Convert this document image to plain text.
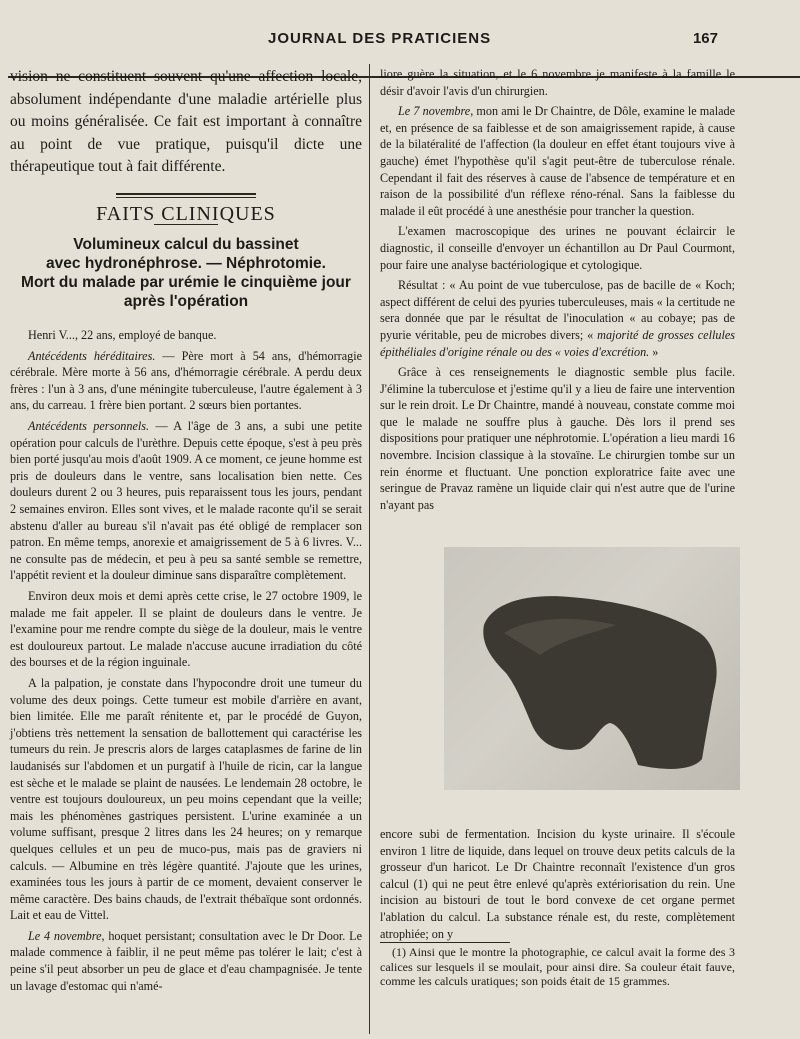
JOURNAL DES PRATICIENS	167

vision ne constituent souvent qu'une affection locale, absolument indépendante d'une maladie artérielle plus ou moins généralisée. Ce fait est important à connaître au point de vue pratique, puisqu'il dicte une thérapeutique tout à fait différente.

FAITS CLINIQUES
Volumineux calcul du bassinet
avec hydronéphrose. — Néphrotomie.
Mort du malade par urémie le cinquième jour
après l'opération

Henri V..., 22 ans, employé de banque.

Antécédents héréditaires. — Père mort à 54 ans, d'hémorragie cérébrale. Mère morte à 56 ans, d'hémorragie cérébrale. A perdu deux frères : l'un à 3 ans, d'une méningite tuberculeuse, l'autre également à 3 ans, du carreau. 1 frère bien portant. 2 sœurs bien portantes.

Antécédents personnels. — A l'âge de 3 ans, a subi une petite opération pour calculs de l'urèthre. Depuis cette époque, s'est à peu près bien porté jusqu'au mois d'août 1909. A ce moment, ce jeune homme est pris de douleurs dans le ventre, sans localisation bien nette. Ces douleurs durent 2 ou 3 heures, puis reparaissent tous les jours, pendant 2 semaines environ. Elles sont vives, et le malade raconte qu'il se serait abstenu d'aller au bureau s'il n'avait pas été obligé de remplacer son patron. En même temps, anorexie et amaigrissement de 5 à 6 livres. V... ne consulte pas de médecin, et peu à peu sa santé semble se remettre, l'appétit revient et la douleur diminue sans disparaître complètement.

Environ deux mois et demi après cette crise, le 27 octobre 1909, le malade me fait appeler. Il se plaint de douleurs dans le ventre. Je l'examine pour me rendre compte du siège de la douleur, mais le ventre est douloureux partout. Le malade n'accuse aucune irradiation du côté des bourses et de la région inguinale.

A la palpation, je constate dans l'hypocondre droit une tumeur du volume des deux poings. Cette tumeur est mobile d'arrière en avant, bien limitée. Elle me paraît rénitente et, par le procédé de Guyon, j'obtiens très nettement la sensation de ballottement qui caractérise les tumeurs du rein. Je prescris alors de larges cataplasmes de farine de lin laudanisés sur l'abdomen et un purgatif à l'huile de ricin, car la langue est sèche et le malade se plaint de nausées. Le lendemain 28 octobre, le ventre est toujours douloureux, un peu moins cependant que la veille; mais les phénomènes gastriques persistent. L'urine examinée a un volume suffisant, presque 2 litres dans les 24 heures; on y remarque quelques cellules et un peu de muco-pus, mais pas de graviers ni calculs. — Albumine en très légère quantité. J'ajoute que les urines, examinées tous les jours à partir de ce moment, devaient conserver le même caractère. Des bains chauds, de l'extrait thébaïque sont ordonnés. Lait et eau de Vittel.

Le 4 novembre, hoquet persistant; consultation avec le Dr Door. Le malade commence à faiblir, il ne peut même pas tolérer le lait; c'est à peine s'il peut absorber un peu de glace et d'eau champagnisée. Je tente un lavage d'estomac qui n'amé-

liore guère la situation, et le 6 novembre je manifeste à la famille le désir d'avoir l'avis d'un chirurgien.

Le 7 novembre, mon ami le Dr Chaintre, de Dôle, examine le malade et, en présence de sa faiblesse et de son amaigrissement rapide, à cause de la bilatéralité de l'affection (la douleur en effet étant toujours vive à gauche) émet l'hypothèse qu'il s'agit peut-être de tuberculose rénale. Cependant il fait des réserves à cause de l'absence de température et en raison de la possibilité d'un réflexe réno-rénal. Sans la faiblesse du malade il eût procédé à une anesthésie pour trancher la question.

L'examen macroscopique des urines ne pouvant éclaircir le diagnostic, il conseille d'envoyer un échantillon au Dr Paul Courmont, pour faire une analyse bactériologique et cytologique.

Résultat : « Au point de vue tuberculose, pas de bacille de « Koch; aspect différent de celui des pyuries tuberculeuses, mais « la certitude ne sera donnée que par le résultat de l'inoculation « au cobaye; pas de pyurie véritable, peu de microbes divers; « majorité de grosses cellules épithéliales d'origine rénale ou des « voies d'excrétion. »

Grâce à ces renseignements le diagnostic semble plus facile. J'élimine la tuberculose et j'estime qu'il y a lieu de faire une intervention sur le rein droit. Le Dr Chaintre, mandé à nouveau, constate comme moi que le malade ne souffre plus à gauche. Dès lors il prend ses dispositions pour pratiquer une néphrotomie. L'opération a lieu mardi 16 novembre. Incision classique à la stovaïne. Le chirurgien tombe sur un rein énorme et fluctuant. Une ponction exploratrice faite avec une seringue de Pravaz ramène un liquide clair qui n'est autre que de l'urine n'ayant pas

encore subi de fermentation. Incision du kyste urinaire. Il s'écoule environ 1 litre de liquide, dans lequel on trouve deux petits calculs de la grosseur d'un haricot. Le Dr Chaintre reconnaît l'existence d'un gros calcul (1) qui ne peut être enlevé qu'après extériorisation du rein. Une incision au bistouri de tout le bord convexe de cet organe permet l'ablation du calcul. La substance rénale est, du reste, complètement atrophiée; on y

(1) Ainsi que le montre la photographie, ce calcul avait la forme des 3 calices sur lesquels il se moulait, pour ainsi dire. Sa couleur était fauve, comme les calculs uratiques; son poids était de 15 grammes.
